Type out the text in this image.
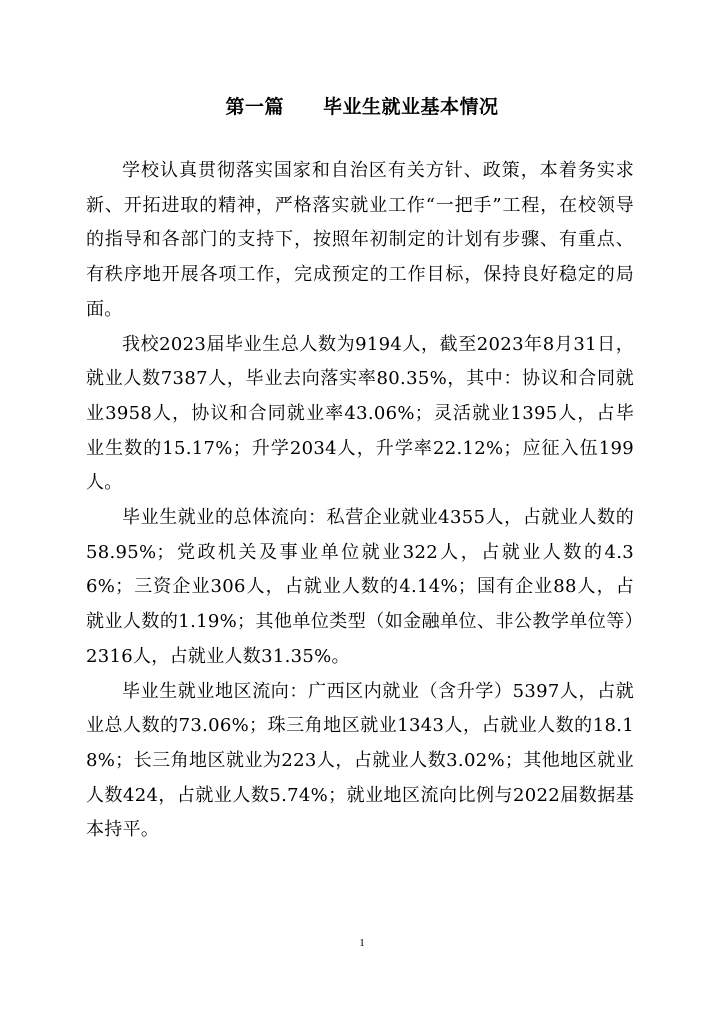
第一篇　　毕业生就业基本情况

学校认真贯彻落实国家和自治区有关方针、政策，本着务实求新、开拓进取的精神，严格落实就业工作“一把手”工程，在校领导的指导和各部门的支持下，按照年初制定的计划有步骤、有重点、有秩序地开展各项工作，完成预定的工作目标，保持良好稳定的局面。

我校2023届毕业生总人数为9194人，截至2023年8月31日，就业人数7387人，毕业去向落实率80.35%，其中：协议和合同就业3958人，协议和合同就业率43.06%；灵活就业1395人，占毕业生数的15.17%；升学2034人，升学率22.12%；应征入伍199人。

毕业生就业的总体流向：私营企业就业4355人，占就业人数的58.95%；党政机关及事业单位就业322人，占就业人数的4.36%；三资企业306人，占就业人数的4.14%；国有企业88人，占就业人数的1.19%；其他单位类型（如金融单位、非公教学单位等）2316人，占就业人数31.35%。

毕业生就业地区流向：广西区内就业（含升学）5397人，占就业总人数的73.06%；珠三角地区就业1343人，占就业人数的18.18%；长三角地区就业为223人，占就业人数3.02%；其他地区就业人数424，占就业人数5.74%；就业地区流向比例与2022届数据基本持平。

1
